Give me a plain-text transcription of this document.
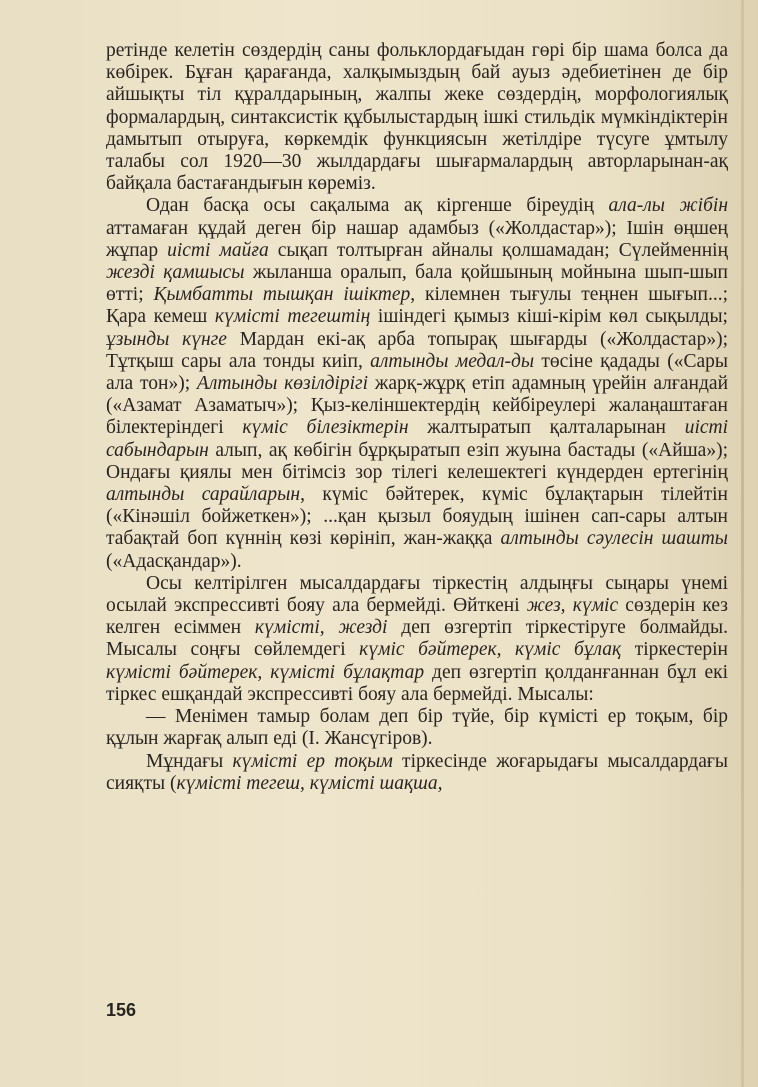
ретінде келетін сөздердің саны фольклордағыдан гөрі бір шама болса да көбірек. Бұған қарағанда, халқымыздың бай ауыз әдебиетінен де бір айшықты тіл құралдарының, жалпы жеке сөздердің, морфологиялық формалардың, синтаксистік құбылыстардың ішкі стильдік мүмкіндіктерін дамытып отыруға, көркемдік функциясын жетілдіре түсуге ұмтылу талабы сол 1920—30 жылдардағы шығармалардың авторларынан-ақ байқала бастағандығын көреміз.

Одан басқа осы сақалыма ақ кіргенше біреудің ала-лы жібін аттамаған құдай деген бір нашар адамбыз («Жолдастар»); Ішін өңшең жұпар иісті майға сықап толтырған айналы қолшамадан; Сүлейменнің жезді қамшысы жыланша оралып, бала қойшының мойнына шып-шып өтті; Қымбатты тышқан ішіктер, кілемнен тығулы теңнен шығып...; Қара кемеш күмісті тегештің ішіндегі қымыз кіші-кірім көл сықылды; ұзынды күнге Мардан екі-ақ арба топырақ шығарды («Жолдастар»); Тұтқыш сары ала тонды киіп, алтынды медал-ды төсіне қадады («Сары ала тон»); Алтынды көзілдірігі жарқ-жұрқ етіп адамның үрейін алғандай («Азамат Азаматыч»); Қыз-келіншектердің кейбіреулері жалаңаштаған білектеріндегі күміс білезіктерін жалтыратып қалталарынан иісті сабындарын алып, ақ көбігін бұрқыратып езіп жуына бастады («Айша»); Ондағы қиялы мен бітімсіз зор тілегі келешектегі күндерден ертегінің алтынды сарайларын, күміс бәйтерек, күміс бұлақтарын тілейтін («Кінәшіл бойжеткен»); ...қан қызыл бояудың ішінен сап-сары алтын табақтай боп күннің көзі көрініп, жан-жаққа алтынды сәулесін шашты («Адасқандар»).

Осы келтірілген мысалдардағы тіркестің алдыңғы сыңары үнемі осылай экспрессивті бояу ала бермейді. Өйткені жез, күміс сөздерін кез келген есіммен күмісті, жезді деп өзгертіп тіркестіруге болмайды. Мысалы соңғы сөйлемдегі күміс бәйтерек, күміс бұлақ тіркестерін күмісті бәйтерек, күмісті бұлақтар деп өзгертіп қолданғаннан бұл екі тіркес ешқандай экспрессивті бояу ала бермейді. Мысалы:

— Менімен тамыр болам деп бір түйе, бір күмісті ер тоқым, бір құлын жарғақ алып еді (І. Жансүгіров).

Мұндағы күмісті ер тоқым тіркесінде жоғарыдағы мысалдардағы сияқты (күмісті тегеш, күмісті шақша,

156
